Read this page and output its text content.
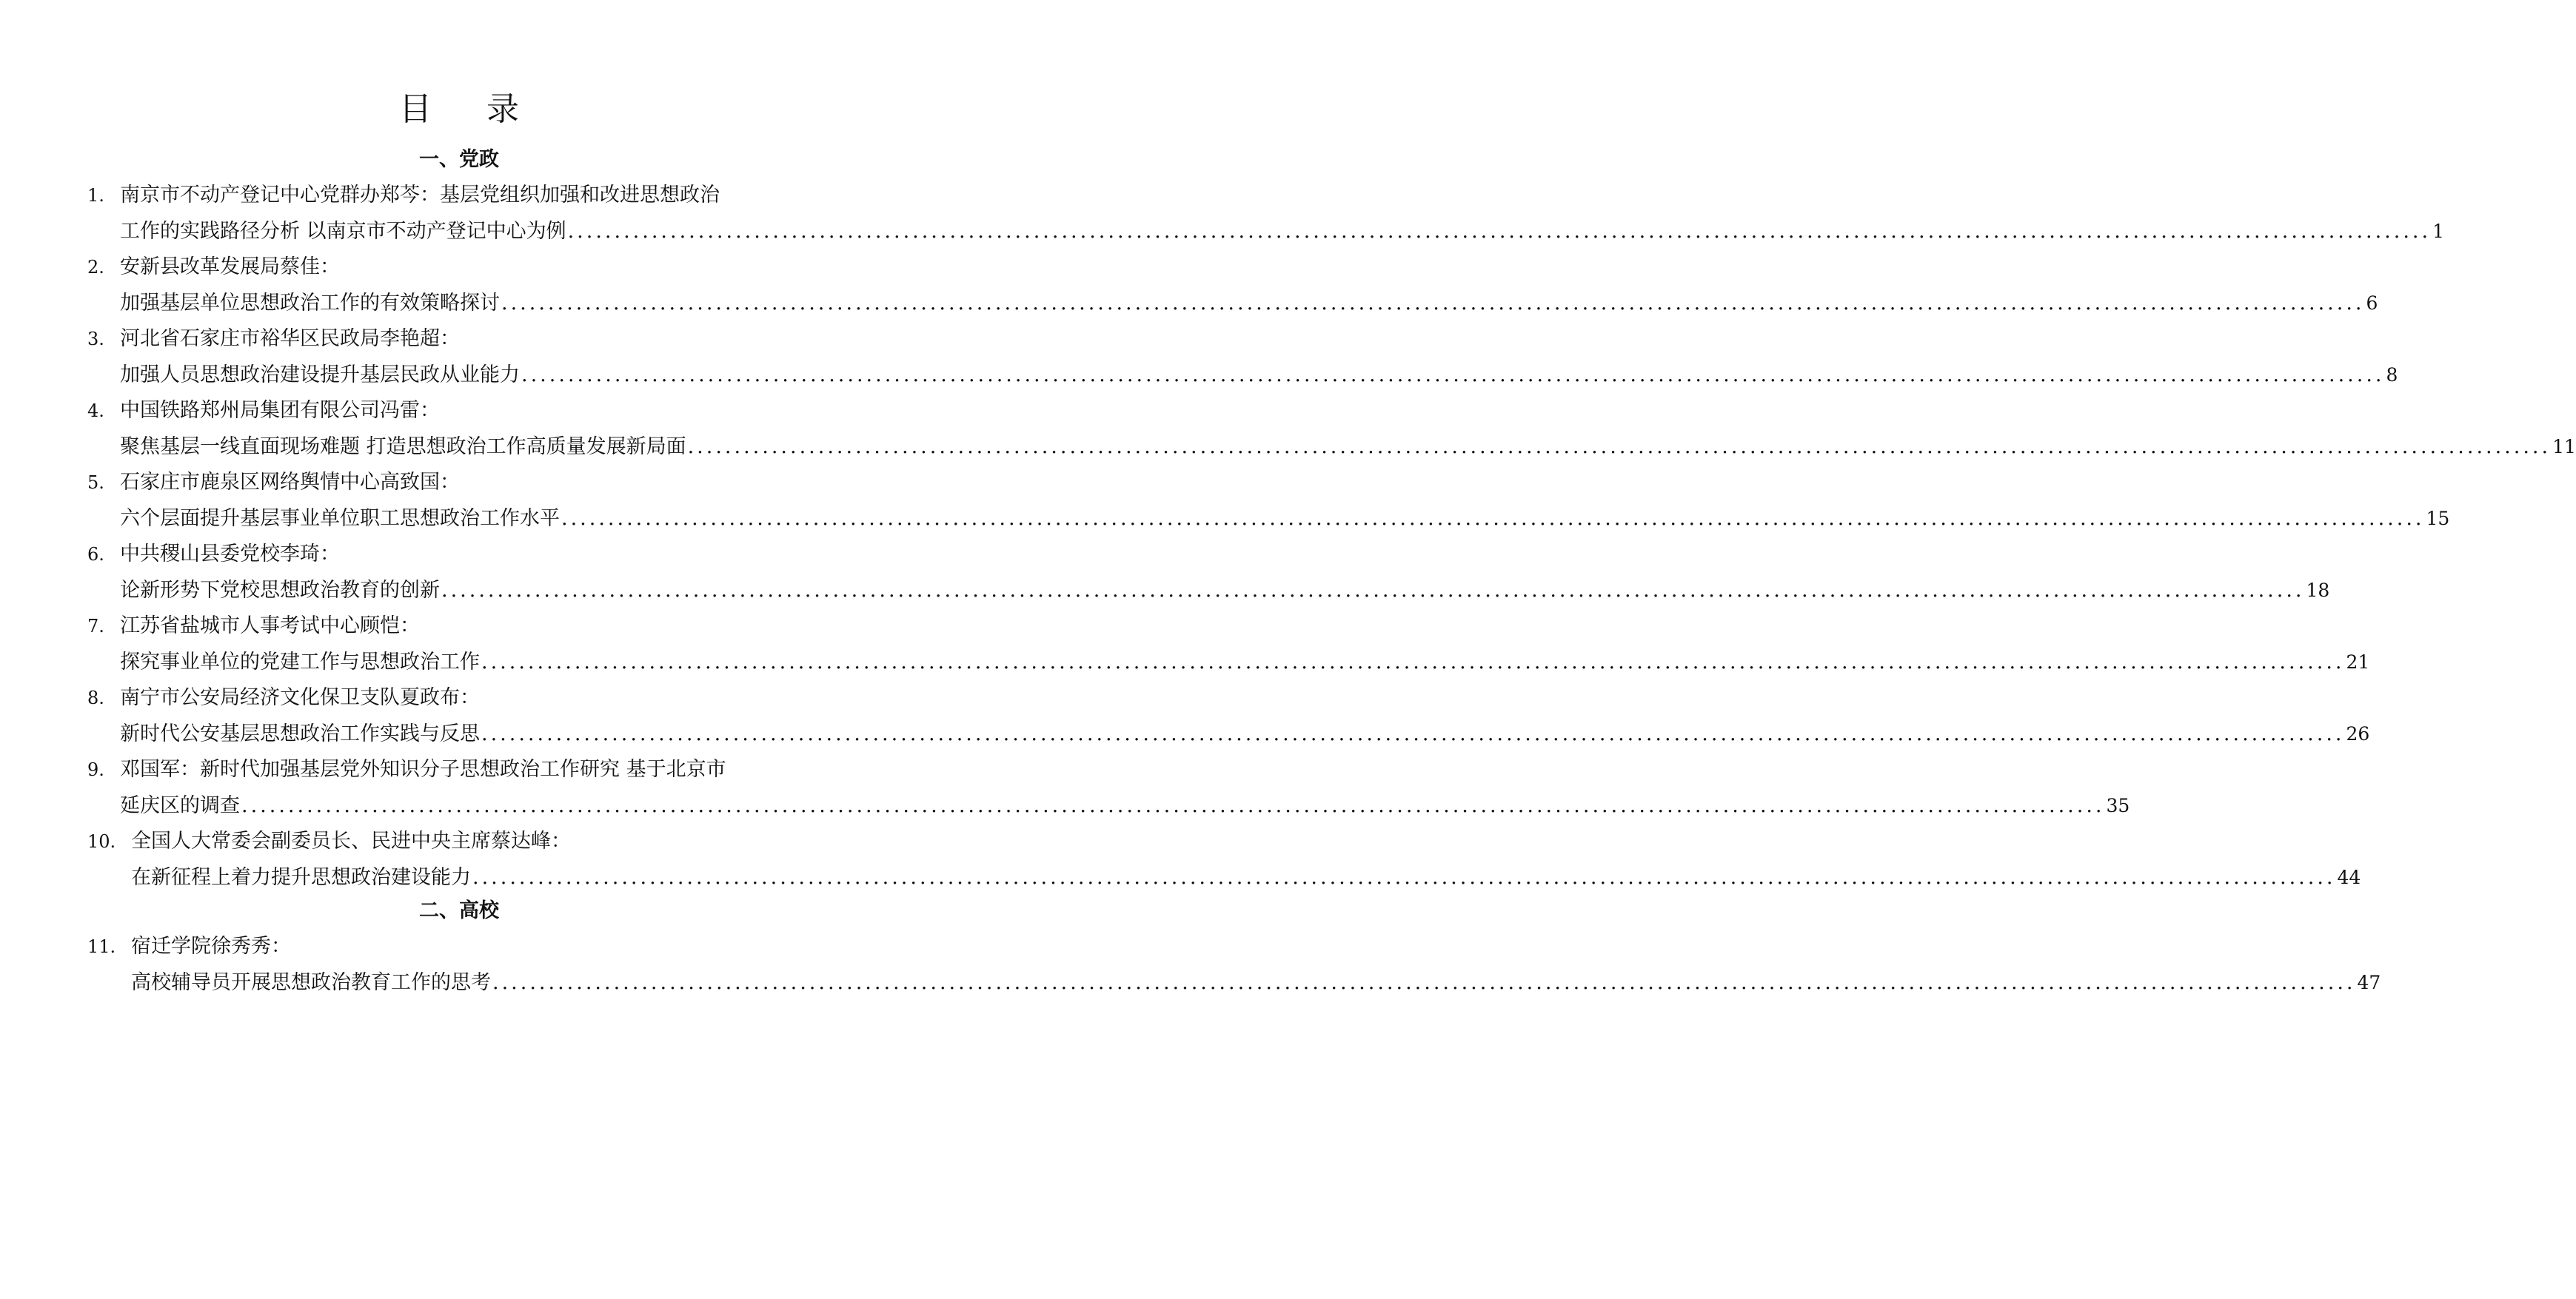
目 录
一、党政
1. 南京市不动产登记中心党群办郑芩：基层党组织加强和改进思想政治
工作的实践路径分析 以南京市不动产登记中心为例 ........................................................................................................................................................................................................ 1
2. 安新县改革发展局蔡佳：
加强基层单位思想政治工作的有效策略探讨 ........................................................................................................................................................................................................ 6
3. 河北省石家庄市裕华区民政局李艳超：
加强人员思想政治建设提升基层民政从业能力 ........................................................................................................................................................................................................ 8
4. 中国铁路郑州局集团有限公司冯雷：
聚焦基层一线直面现场难题 打造思想政治工作高质量发展新局面 ........................................................................................................................................................................................................ 11
5. 石家庄市鹿泉区网络舆情中心高致国：
六个层面提升基层事业单位职工思想政治工作水平 ........................................................................................................................................................................................................ 15
6. 中共稷山县委党校李琦：
论新形势下党校思想政治教育的创新 ........................................................................................................................................................................................................ 18
7. 江苏省盐城市人事考试中心顾恺：
探究事业单位的党建工作与思想政治工作 ........................................................................................................................................................................................................ 21
8. 南宁市公安局经济文化保卫支队夏政布：
新时代公安基层思想政治工作实践与反思 ........................................................................................................................................................................................................ 26
9. 邓国军：新时代加强基层党外知识分子思想政治工作研究 基于北京市
延庆区的调查 ........................................................................................................................................................................................................ 35
10. 全国人大常委会副委员长、民进中央主席蔡达峰：
在新征程上着力提升思想政治建设能力 ........................................................................................................................................................................................................ 44
二、高校
11. 宿迁学院徐秀秀：
高校辅导员开展思想政治教育工作的思考 ........................................................................................................................................................................................................ 47
